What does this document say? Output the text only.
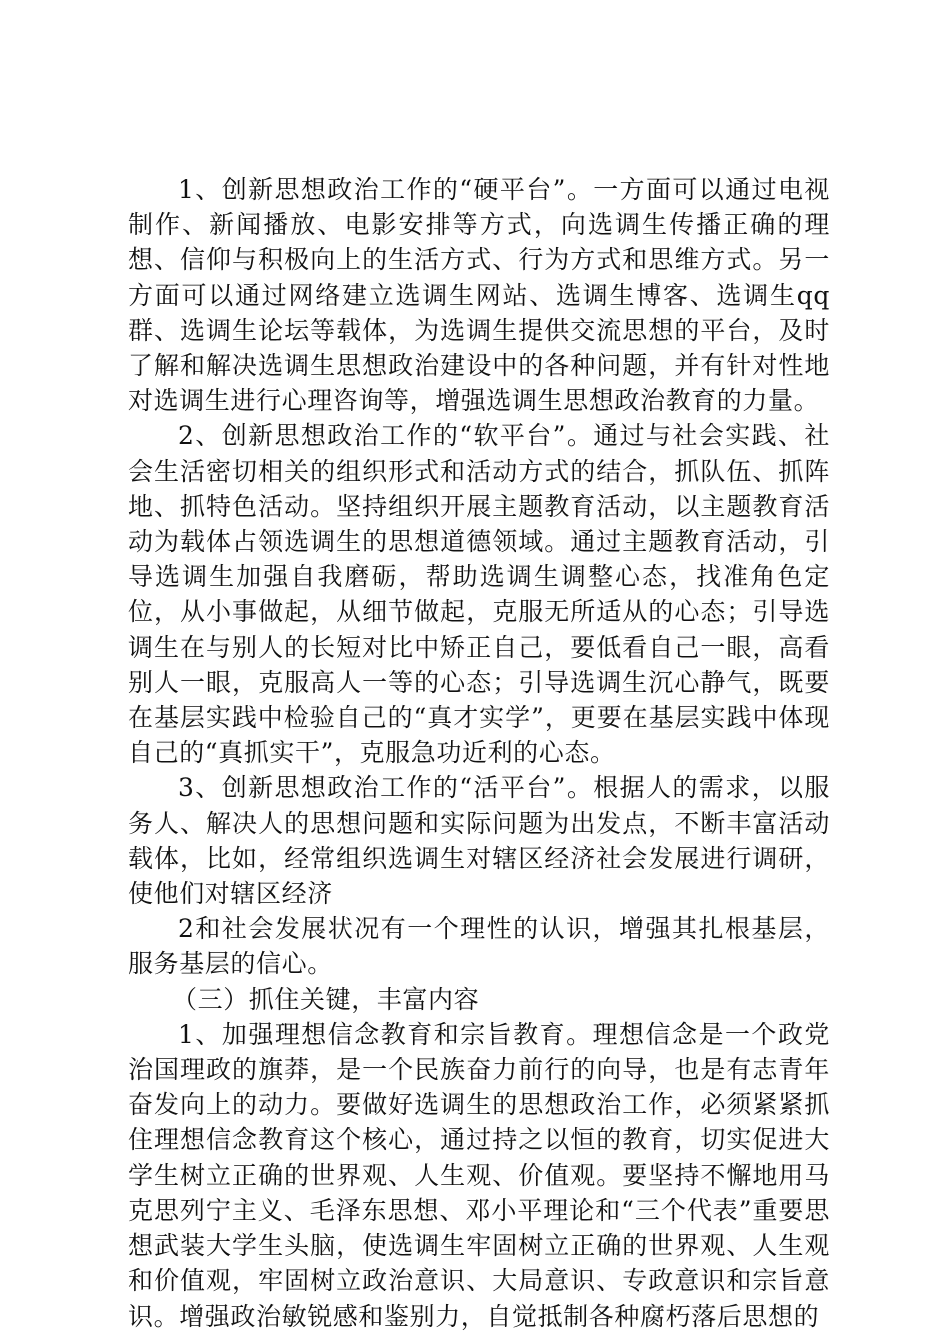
1、创新思想政治工作的“硬平台”。一方面可以通过电视制作、新闻播放、电影安排等方式，向选调生传播正确的理想、信仰与积极向上的生活方式、行为方式和思维方式。另一方面可以通过网络建立选调生网站、选调生博客、选调生qq群、选调生论坛等载体，为选调生提供交流思想的平台，及时了解和解决选调生思想政治建设中的各种问题，并有针对性地对选调生进行心理咨询等，增强选调生思想政治教育的力量。

2、创新思想政治工作的“软平台”。通过与社会实践、社会生活密切相关的组织形式和活动方式的结合，抓队伍、抓阵地、抓特色活动。坚持组织开展主题教育活动，以主题教育活动为载体占领选调生的思想道德领域。通过主题教育活动，引导选调生加强自我磨砺，帮助选调生调整心态，找准角色定位，从小事做起，从细节做起，克服无所适从的心态；引导选调生在与别人的长短对比中矫正自己，要低看自己一眼，高看别人一眼，克服高人一等的心态；引导选调生沉心静气，既要在基层实践中检验自己的“真才实学”，更要在基层实践中体现自己的“真抓实干”，克服急功近利的心态。

3、创新思想政治工作的“活平台”。根据人的需求，以服务人、解决人的思想问题和实际问题为出发点，不断丰富活动载体，比如，经常组织选调生对辖区经济社会发展进行调研，使他们对辖区经济

2和社会发展状况有一个理性的认识，增强其扎根基层，服务基层的信心。

（三）抓住关键，丰富内容

1、加强理想信念教育和宗旨教育。理想信念是一个政党治国理政的旗莽，是一个民族奋力前行的向导，也是有志青年奋发向上的动力。要做好选调生的思想政治工作，必须紧紧抓住理想信念教育这个核心，通过持之以恒的教育，切实促进大学生树立正确的世界观、人生观、价值观。要坚持不懈地用马克思列宁主义、毛泽东思想、邓小平理论和“三个代表”重要思想武装大学生头脑，使选调生牢固树立正确的世界观、人生观和价值观，牢固树立政治意识、大局意识、专政意识和宗旨意识。增强政治敏锐感和鉴别力，自觉抵制各种腐朽落后思想的
